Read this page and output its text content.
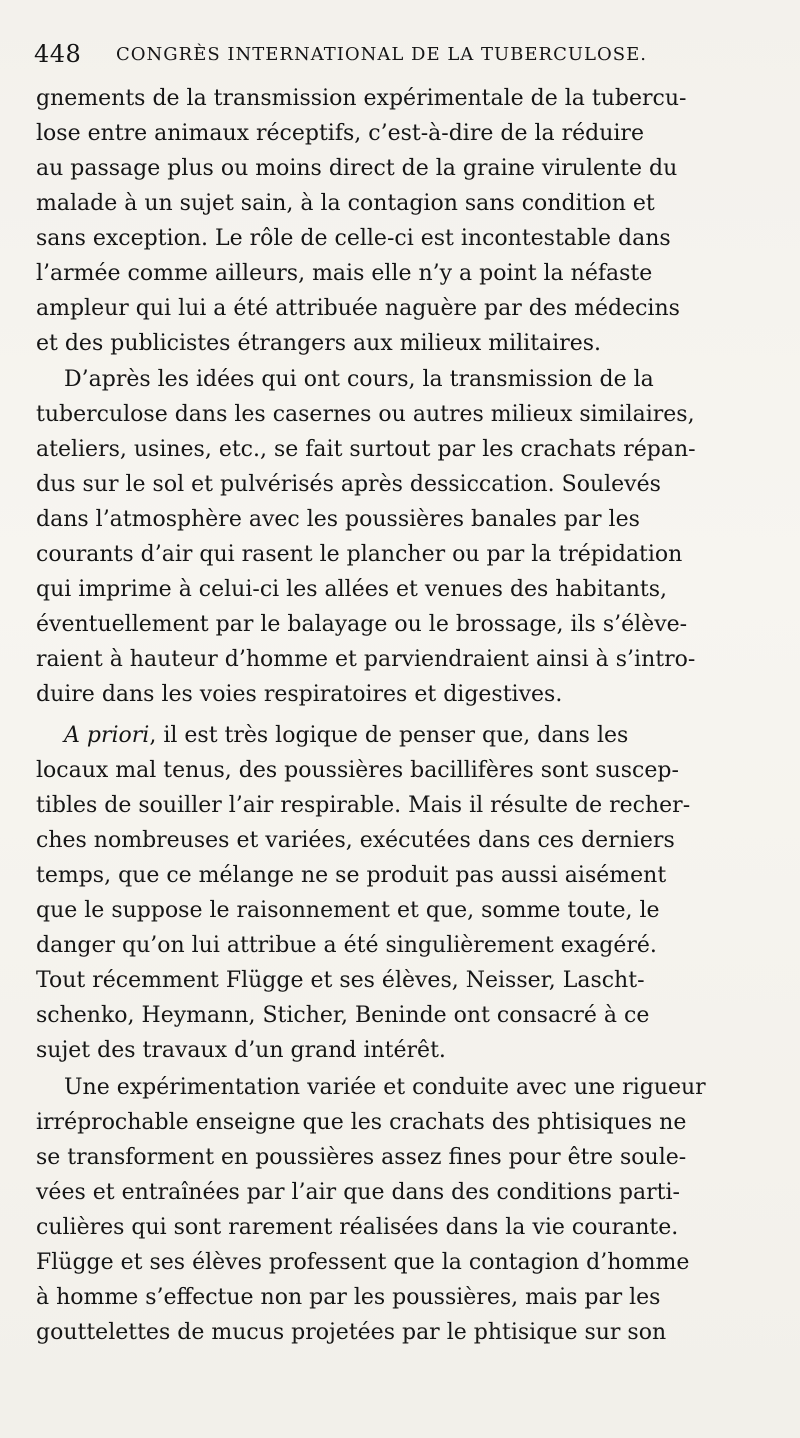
448 CONGRÈS INTERNATIONAL DE LA TUBERCULOSE.
gnements de la transmission expérimentale de la tubercu-
lose entre animaux réceptifs, c’est-à-dire de la réduire
au passage plus ou moins direct de la graine virulente du
malade à un sujet sain, à la contagion sans condition et
sans exception. Le rôle de celle-ci est incontestable dans
l’armée comme ailleurs, mais elle n’y a point la néfaste
ampleur qui lui a été attribuée naguère par des médecins
et des publicistes étrangers aux milieux militaires.
D’après les idées qui ont cours, la transmission de la
tuberculose dans les casernes ou autres milieux similaires,
ateliers, usines, etc., se fait surtout par les crachats répan-
dus sur le sol et pulvérisés après dessiccation. Soulevés
dans l’atmosphère avec les poussières banales par les
courants d’air qui rasent le plancher ou par la trépidation
qui imprime à celui-ci les allées et venues des habitants,
éventuellement par le balayage ou le brossage, ils s’élève-
raient à hauteur d’homme et parviendraient ainsi à s’intro-
duire dans les voies respiratoires et digestives.
A priori, il est très logique de penser que, dans les
locaux mal tenus, des poussières bacillifères sont suscep-
tibles de souiller l’air respirable. Mais il résulte de recher-
ches nombreuses et variées, exécutées dans ces derniers
temps, que ce mélange ne se produit pas aussi aisément
que le suppose le raisonnement et que, somme toute, le
danger qu’on lui attribue a été singulièrement exagéré.
Tout récemment Flügge et ses élèves, Neisser, Lascht-
schenko, Heymann, Sticher, Beninde ont consacré à ce
sujet des travaux d’un grand intérêt.
Une expérimentation variée et conduite avec une rigueur
irréprochable enseigne que les crachats des phtisiques ne
se transforment en poussières assez fines pour être soule-
vées et entraînées par l’air que dans des conditions parti-
culières qui sont rarement réalisées dans la vie courante.
Flügge et ses élèves professent que la contagion d’homme
à homme s’effectue non par les poussières, mais par les
gouttelettes de mucus projetées par le phtisique sur son
